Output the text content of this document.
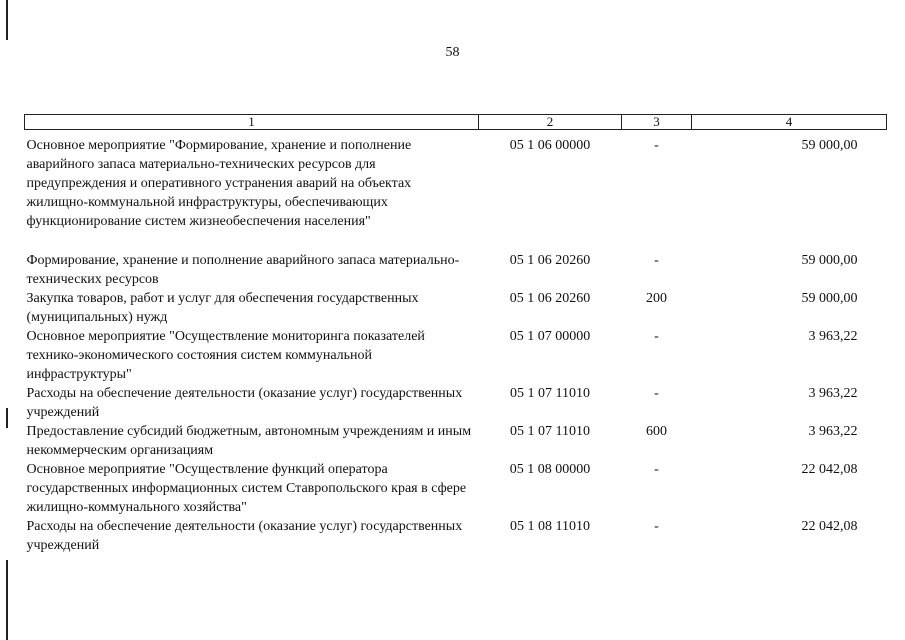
58
1	2	3	4
Основное мероприятие "Формирование, хранение и пополнение аварийного запаса материально-технических ресурсов для предупреждения и оперативного устранения аварий на объектах жилищно-коммунальной инфраструктуры, обеспечивающих функционирование систем жизнеобеспечения населения"	05 1 06 00000	-	59 000,00

Формирование, хранение и пополнение аварийного запаса материально-технических ресурсов	05 1 06 20260	-	59 000,00
Закупка товаров, работ и услуг для обеспечения государственных (муниципальных) нужд	05 1 06 20260	200	59 000,00
Основное мероприятие "Осуществление мониторинга показателей технико-экономического состояния систем коммунальной инфраструктуры"	05 1 07 00000	-	3 963,22
Расходы на обеспечение деятельности (оказание услуг) государственных учреждений	05 1 07 11010	-	3 963,22
Предоставление субсидий бюджетным, автономным учреждениям и иным некоммерческим организациям	05 1 07 11010	600	3 963,22
Основное мероприятие "Осуществление функций оператора государственных информационных систем Ставропольского края в сфере жилищно-коммунального хозяйства"	05 1 08 00000	-	22 042,08
Расходы на обеспечение деятельности (оказание услуг) государственных учреждений	05 1 08 11010	-	22 042,08
